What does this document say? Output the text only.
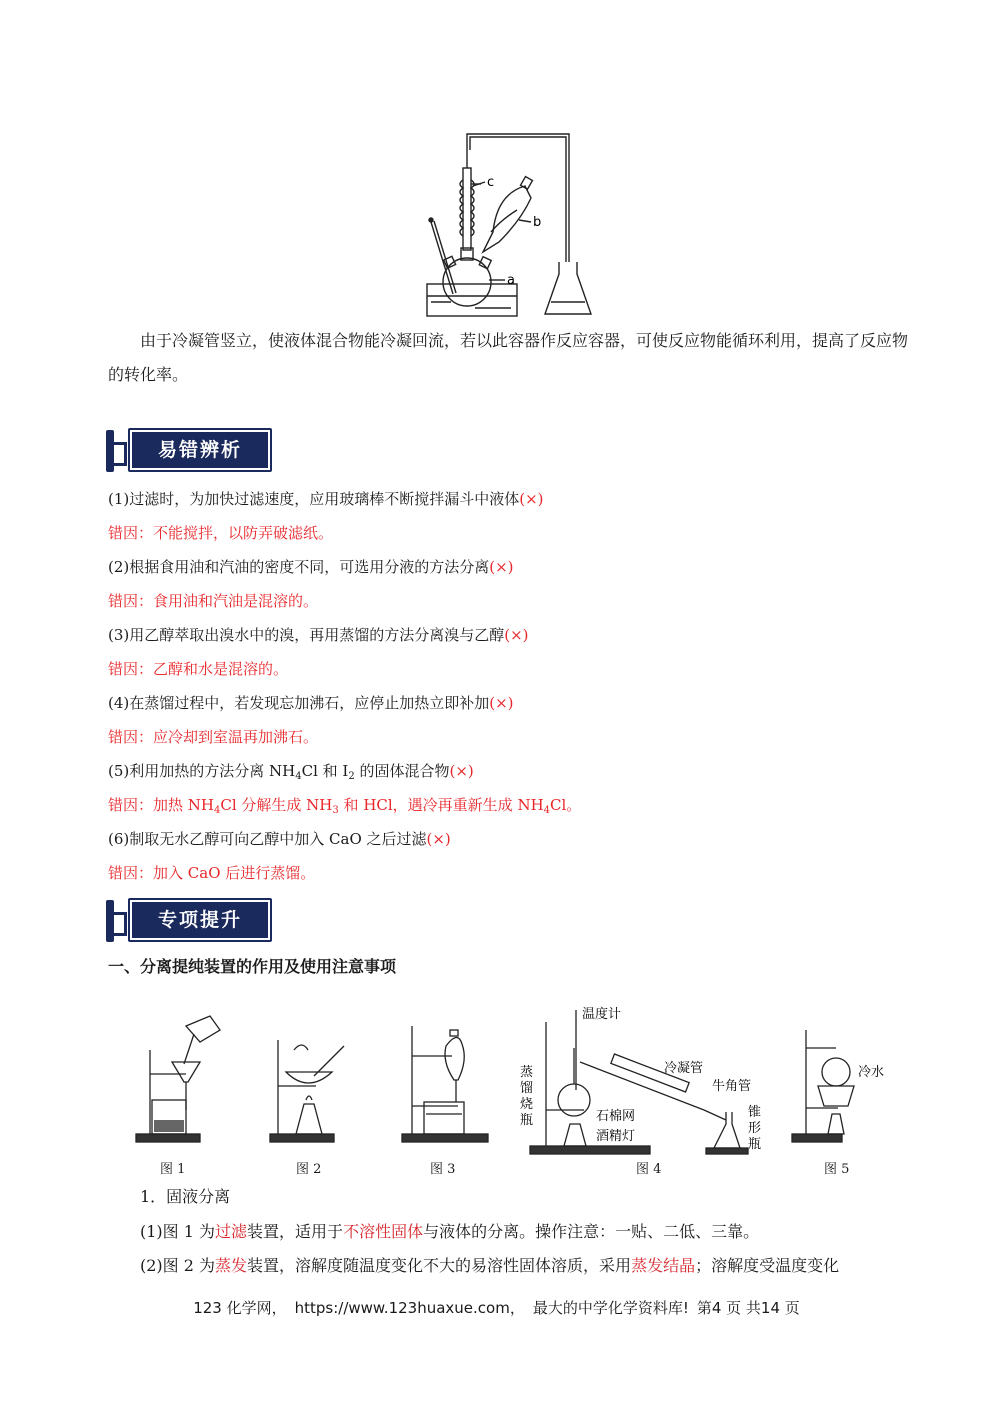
c
b
a
由于冷凝管竖立，使液体混合物能冷凝回流，若以此容器作反应容器，可使反应物能循环利用，提高了反应物的转化率。
易错辨析
(1)过滤时，为加快过滤速度，应用玻璃棒不断搅拌漏斗中液体(×)
错因：不能搅拌，以防弄破滤纸。
(2)根据食用油和汽油的密度不同，可选用分液的方法分离(×)
错因：食用油和汽油是混溶的。
(3)用乙醇萃取出溴水中的溴，再用蒸馏的方法分离溴与乙醇(×)
错因：乙醇和水是混溶的。
(4)在蒸馏过程中，若发现忘加沸石，应停止加热立即补加(×)
错因：应冷却到室温再加沸石。
(5)利用加热的方法分离 $NH_4Cl$ 和 $I_2$ 的固体混合物(×)
错因：加热 $NH_4Cl$ 分解生成 $NH_3$ 和 HCl，遇冷再重新生成 $NH_4Cl$。
(6)制取无水乙醇可向乙醇中加入 CaO 之后过滤(×)
错因：加入 CaO 后进行蒸馏。
专项提升
一、分离提纯装置的作用及使用注意事项
温度计
冷凝管
牛角管
蒸
馏
烧
瓶	石棉网
酒精灯
锥
形
瓶
冷水
图 1	图 2	图 3	图 4	图 5
1．固液分离
(1)图 1 为过滤装置，适用于不溶性固体与液体的分离。操作注意：一贴、二低、三靠。
(2)图 2 为蒸发装置，溶解度随温度变化不大的易溶性固体溶质，采用蒸发结晶；溶解度受温度变化
123 化学网， https://www.123huaxue.com， 最大的中学化学资料库! 第4 页 共14 页
